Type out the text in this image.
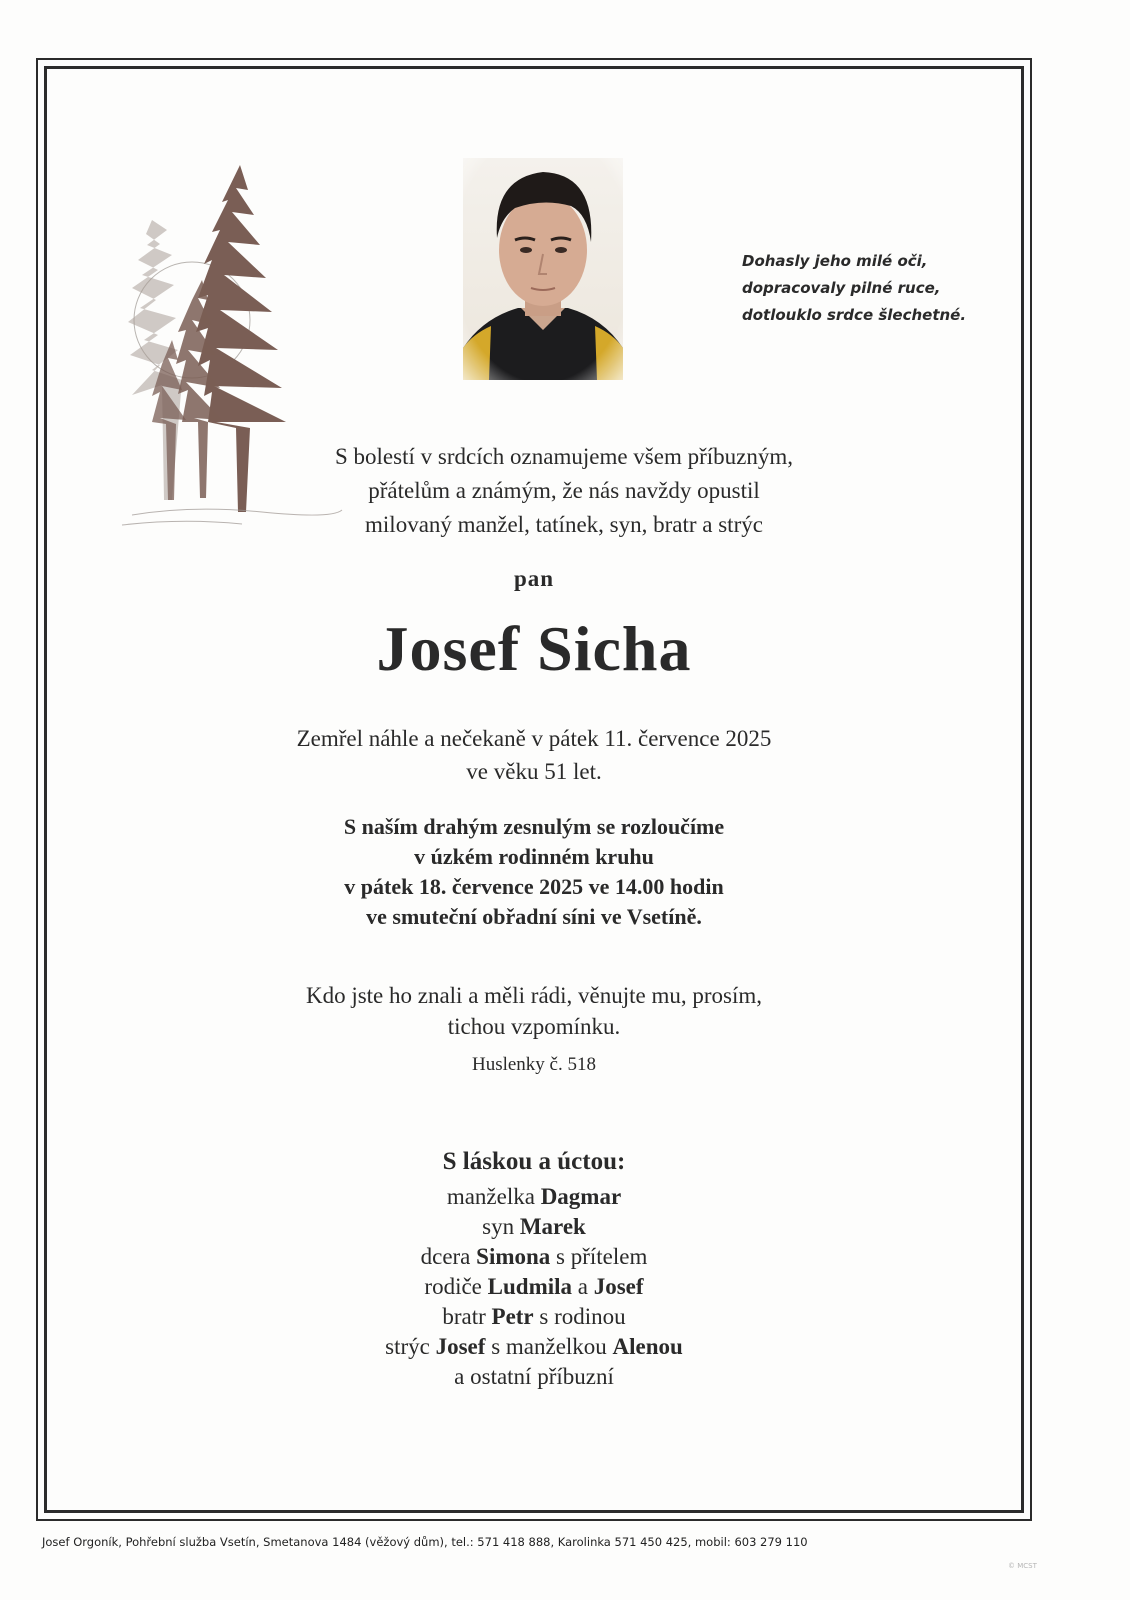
Dohasly jeho milé oči,
dopracovaly pilné ruce,
dotlouklo srdce šlechetné.
S bolestí v srdcích oznamujeme všem příbuzným,
přátelům a známým, že nás navždy opustil
milovaný manžel, tatínek, syn, bratr a strýc
pan
Josef Sicha
Zemřel náhle a nečekaně v pátek 11. července 2025
ve věku 51 let.
S naším drahým zesnulým se rozloučíme
v úzkém rodinném kruhu
v pátek 18. července 2025 ve 14.00 hodin
ve smuteční obřadní síni ve Vsetíně.
Kdo jste ho znali a měli rádi, věnujte mu, prosím,
tichou vzpomínku.
Huslenky č. 518
S láskou a úctou:
manželka Dagmar
syn Marek
dcera Simona s přítelem
rodiče Ludmila a Josef
bratr Petr s rodinou
strýc Josef s manželkou Alenou
a ostatní příbuzní
Josef Orgoník, Pohřební služba Vsetín, Smetanova 1484 (věžový dům), tel.: 571 418 888, Karolinka 571 450 425, mobil: 603 279 110
© MCST
